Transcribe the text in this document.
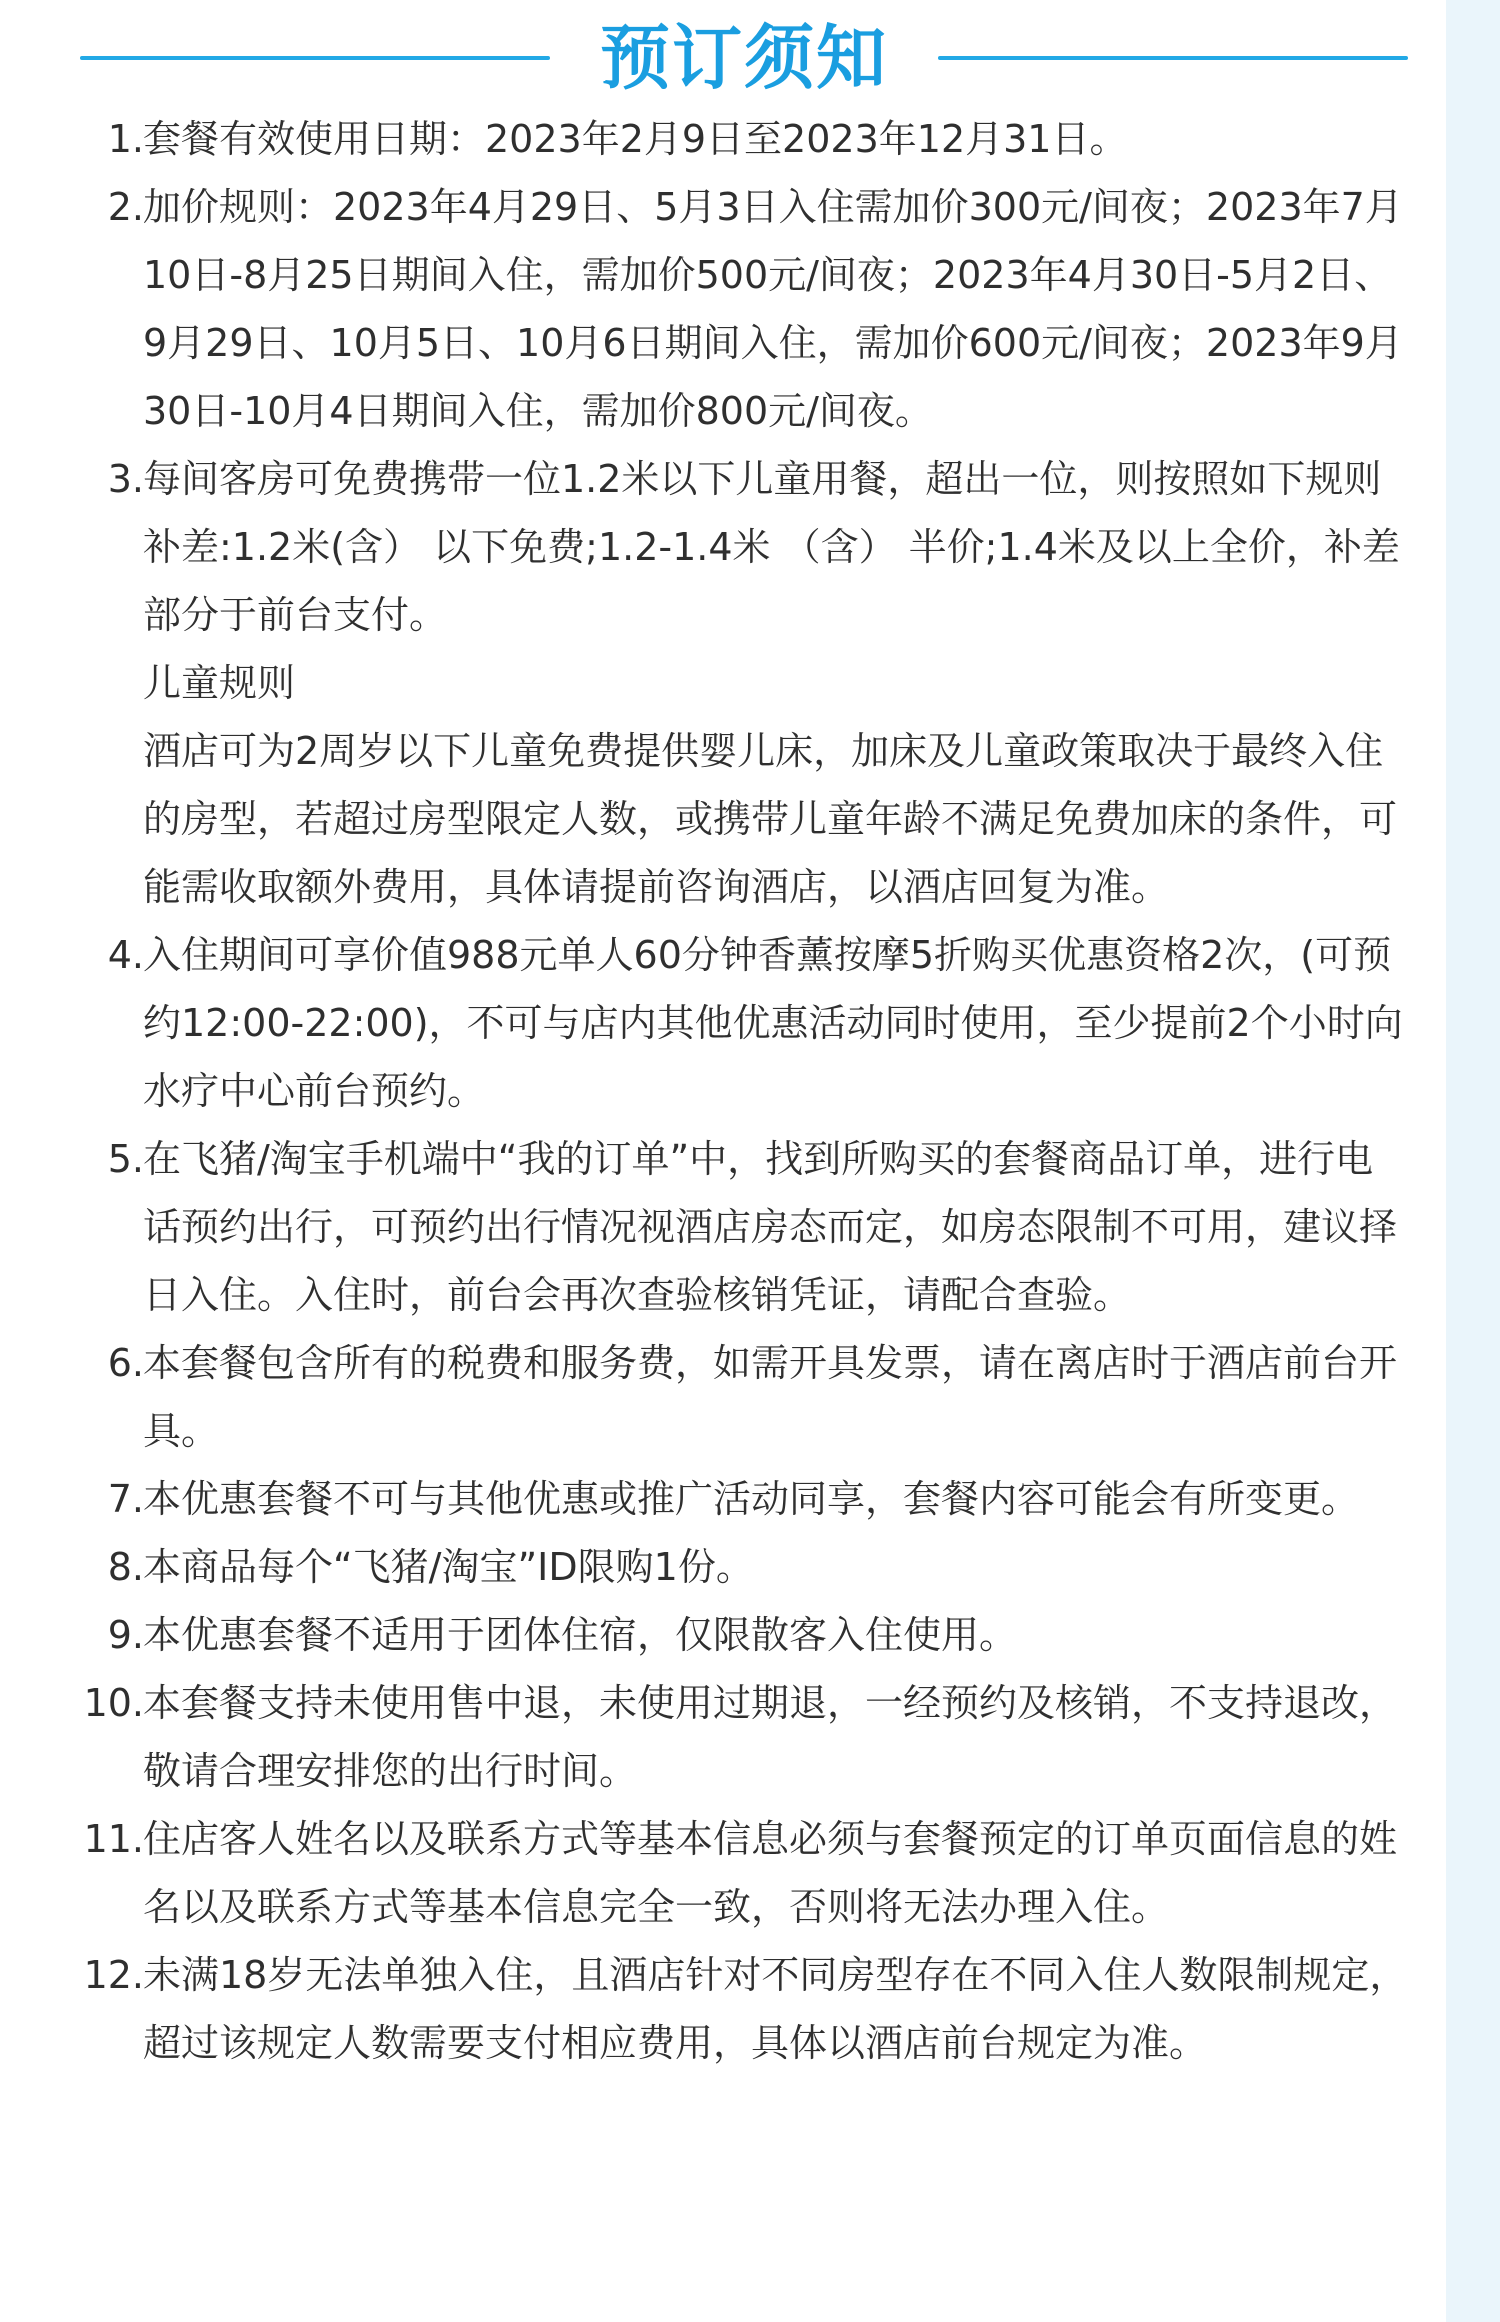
预订须知
1. 套餐有效使用日期：2023年2月9日至2023年12月31日。
2. 加价规则：2023年4月29日、5月3日入住需加价300元/间夜；2023年7月10日-8月25日期间入住，需加价500元/间夜；2023年4月30日-5月2日、9月29日、10月5日、10月6日期间入住，需加价600元/间夜；2023年9月30日-10月4日期间入住，需加价800元/间夜。
3. 每间客房可免费携带一位1.2米以下儿童用餐，超出一位，则按照如下规则补差:1.2米(含） 以下免费;1.2-1.4米 （含） 半价;1.4米及以上全价，补差部分于前台支付。
儿童规则
酒店可为2周岁以下儿童免费提供婴儿床，加床及儿童政策取决于最终入住的房型，若超过房型限定人数，或携带儿童年龄不满足免费加床的条件，可能需收取额外费用，具体请提前咨询酒店，以酒店回复为准。
4. 入住期间可享价值988元单人60分钟香薰按摩5折购买优惠资格2次，(可预约12:00-22:00)，不可与店内其他优惠活动同时使用，至少提前2个小时向水疗中心前台预约。
5. 在飞猪/淘宝手机端中“我的订单”中，找到所购买的套餐商品订单，进行电话预约出行，可预约出行情况视酒店房态而定，如房态限制不可用，建议择日入住。入住时，前台会再次查验核销凭证，请配合查验。
6. 本套餐包含所有的税费和服务费，如需开具发票，请在离店时于酒店前台开具。
7. 本优惠套餐不可与其他优惠或推广活动同享，套餐内容可能会有所变更。
8. 本商品每个“飞猪/淘宝”ID限购1份。
9. 本优惠套餐不适用于团体住宿，仅限散客入住使用。
10. 本套餐支持未使用售中退，未使用过期退，一经预约及核销，不支持退改，敬请合理安排您的出行时间。
11. 住店客人姓名以及联系方式等基本信息必须与套餐预定的订单页面信息的姓名以及联系方式等基本信息完全一致，否则将无法办理入住。
12. 未满18岁无法单独入住，且酒店针对不同房型存在不同入住人数限制规定，超过该规定人数需要支付相应费用，具体以酒店前台规定为准。
